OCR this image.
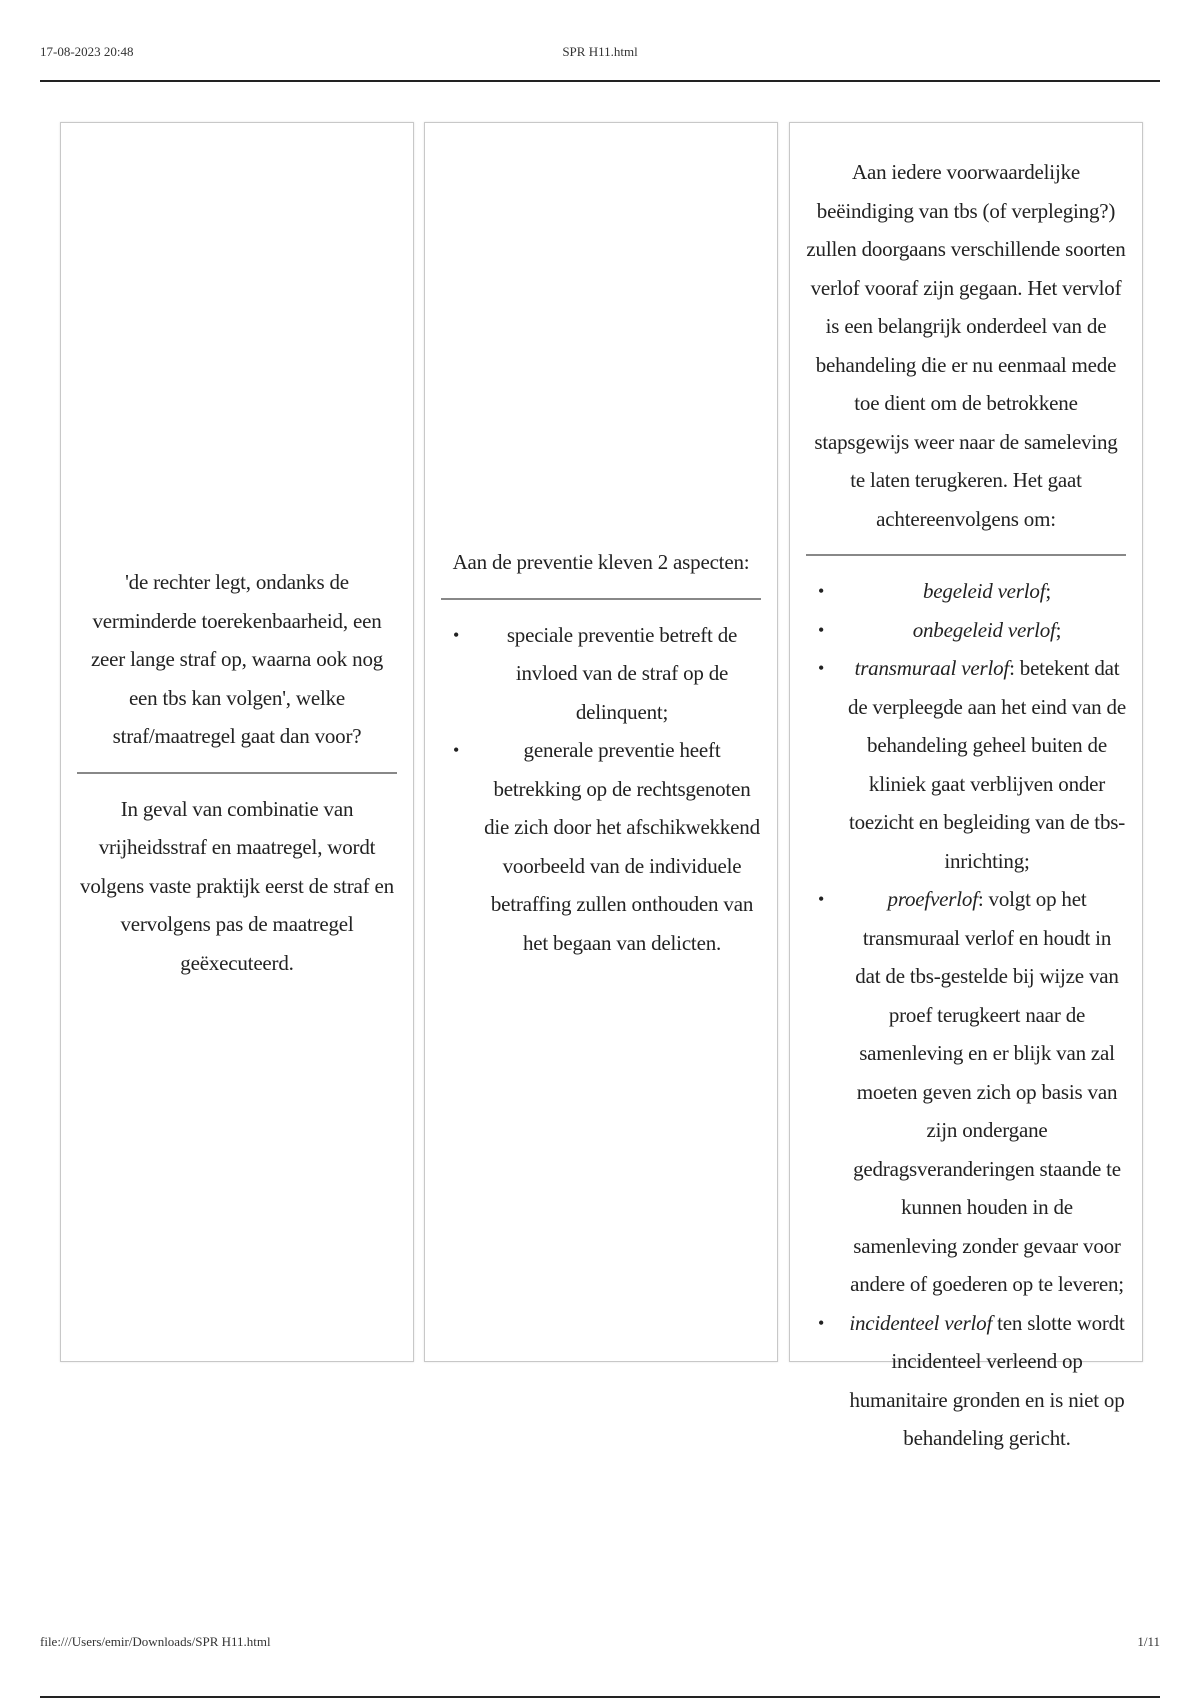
17-08-2023 20:48	SPR H11.html
'de rechter legt, ondanks de verminderde toerekenbaarheid, een zeer lange straf op, waarna ook nog een tbs kan volgen', welke straf/maatregel gaat dan voor?
In geval van combinatie van vrijheidsstraf en maatregel, wordt volgens vaste praktijk eerst de straf en vervolgens pas de maatregel geëxecuteerd.
Aan de preventie kleven 2 aspecten:
• speciale preventie betreft de invloed van de straf op de delinquent;
•	generale preventie heeft betrekking op de rechtsgenoten die zich door het afschikwekkend voorbeeld van de individuele betraffing zullen onthouden van het begaan van delicten.
Aan iedere voorwaardelijke beëindiging van tbs (of verpleging?) zullen doorgaans verschillende soorten verlof vooraf zijn gegaan. Het vervlof is een belangrijk onderdeel van de behandeling die er nu eenmaal mede toe dient om de betrokkene stapsgewijs weer naar de sameleving te laten terugkeren. Het gaat achtereenvolgens om:
•	begeleid verlof;
•	onbegeleid verlof;
• transmuraal verlof: betekent dat de verpleegde aan het eind van de behandeling geheel buiten de kliniek gaat verblijven onder toezicht en begleiding van de tbs-inrichting;
•	proefverlof: volgt op het transmuraal verlof en houdt in dat de tbs-gestelde bij wijze van proef terugkeert naar de samenleving en er blijk van zal moeten geven zich op basis van zijn ondergane gedragsveranderingen staande te kunnen houden in de samenleving zonder gevaar voor andere of goederen op te leveren;
• incidenteel verlof ten slotte wordt incidenteel verleend op humanitaire gronden en is niet op behandeling gericht.
file:///Users/emir/Downloads/SPR H11.html	1/11
